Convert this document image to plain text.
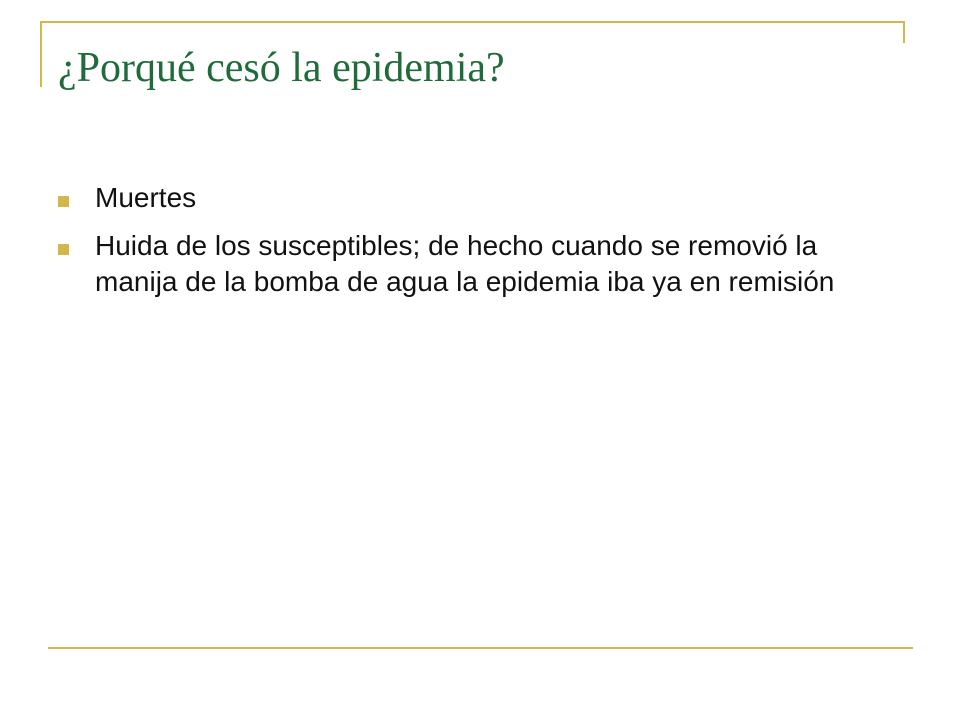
¿Porqué cesó la epidemia?
Muertes
Huida de los susceptibles; de hecho cuando se removió la manija de la bomba de agua la epidemia iba ya en remisión
